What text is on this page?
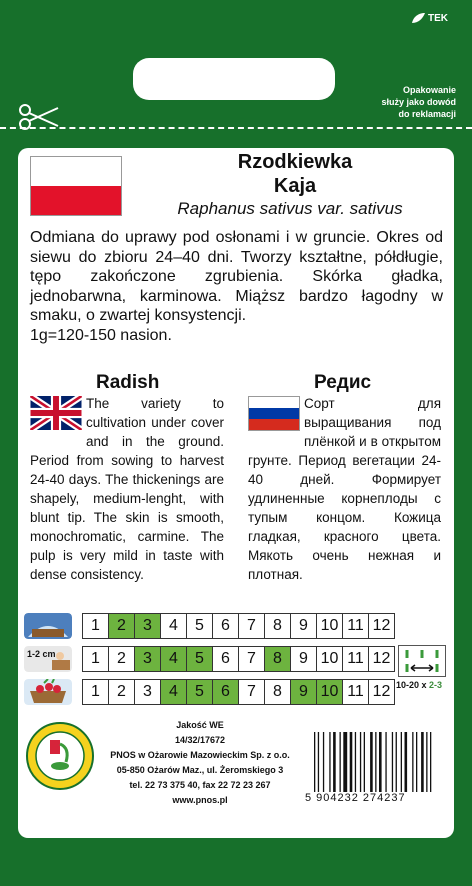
TEK
Opakowanie
służy jako dowód
do reklamacji
Rzodkiewka
Kaja
Raphanus sativus var. sativus

Odmiana do uprawy pod osłonami i w gruncie. Okres od siewu do zbioru 24–40 dni. Tworzy kształtne, półdługie, tępo zakończone zgrubienia. Skórka gładka, jednobarwna, karminowa. Miąższ bardzo łagodny w smaku, o zwartej konsystencji.

1g=120-150 nasion.

Radish
The variety to cultivation under cover and in the ground. Period from sowing to harvest 24-40 days. The thickenings are shapely, medium-lenght, with blunt tip. The skin is smooth, monochromatic, carmine. The pulp is very mild in taste with dense consistency.
Редис
Сорт для выращивания под плёнкой и в открытом грунте. Период вегетации 24-40 дней. Формирует удлиненные корнеплоды с тупым концом. Кожица гладкая, красного цвета. Мякоть очень нежная и плотная.
1	2	3	4	5	6	7	8	9 10 11 12
1-2 cm	1	2	3	4	5	6	7	8	9 10 11 12
1	2	3	4	5	6	7	8	9 10 11 12 10-20 x 2-3
Jakość WE
14/32/17672
PNOS w Ożarowie Mazowieckim Sp. z o.o.
05-850 Ożarów Maz., ul. Żeromskiego 3
tel. 22 73 375 40, fax 22 72 23 267
www.pnos.pl	5 904232 274237
